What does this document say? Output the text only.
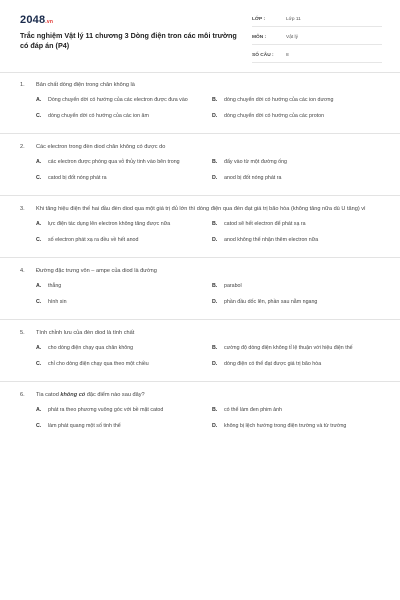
2048.vn
Trắc nghiệm Vật lý 11 chương 3 Dòng điện tron các môi trường có đáp án (P4)
LỚP :	Lớp 11
MÔN :	Vật lý
SỐ CÂU :	8
1.	Bản chất dòng điện trong chân không là
A.	Dòng chuyển dời có hướng của các electron được đưa vào	B.	dòng chuyển dời có hướng của các ion dương
C.	dòng chuyển dời có hướng của các ion âm	D.	dòng chuyển dời có hướng của các proton
2.	Các electron trong đèn diod chân không có được do
A.	các electron được phóng qua vỏ thủy tinh vào bên trong	B.	đẩy vào từ một đường ống
C.	catod bị đốt nóng phát ra	D.	anod bị đốt nóng phát ra
3.	Khi tăng hiệu điện thế hai đầu đèn diod qua một giá trị đủ lớn thì dòng điện qua đèn đạt giá trị bão hòa (không tăng nữa dù U tăng) vì
A.	lực điện tác dụng lên electron không tăng được nữa	B.	catod sẽ hết electron để phát xạ ra
C.	số electron phát xạ ra đều về hết anod	D.	anod không thể nhận thêm electron nữa
4.	Đường đặc trưng vôn – ampe của diod là đường
A.	thẳng	B.	parabol
C.	hình sin	D.	phần đầu dốc lên, phần sau nằm ngang
5.	Tính chỉnh lưu của đèn diod là tính chất
A.	cho dòng điện chạy qua chân không	B.	cường độ dòng điện không tỉ lệ thuận với hiệu điện thế
C.	chỉ cho dòng điện chạy qua theo một chiều	D.	dòng điện có thể đạt được giá trị bão hòa
6.	Tia catod không có đặc điểm nào sau đây?
A.	phát ra theo phương vuông góc với bề mặt catod	B.	có thể làm đen phim ảnh
C.	làm phát quang một số tinh thể	D.	không bị lệch hướng trong điện trường và từ trường
